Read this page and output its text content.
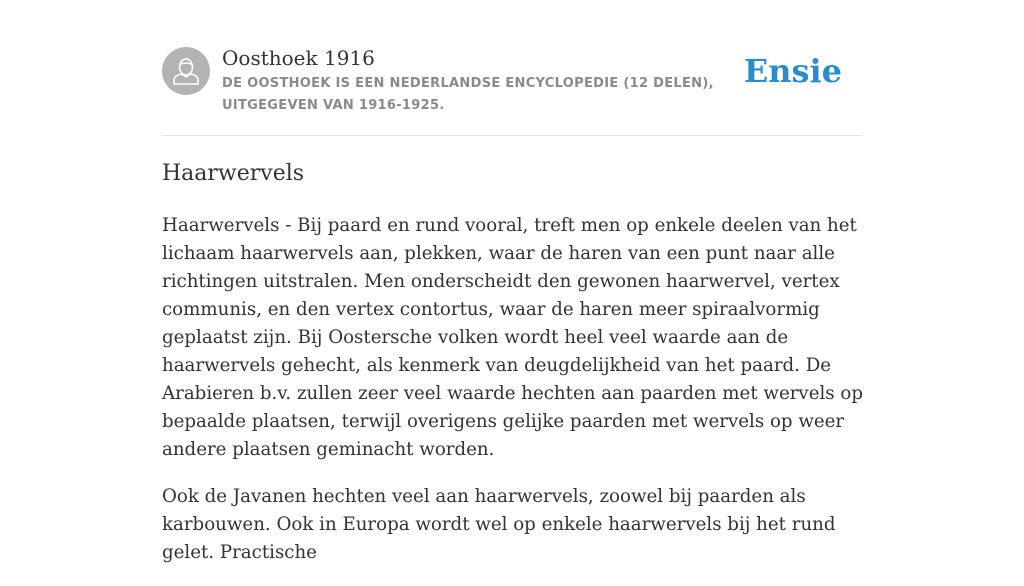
Oosthoek 1916
DE OOSTHOEK IS EEN NEDERLANDSE ENCYCLOPEDIE (12 DELEN), UITGEGEVEN VAN 1916-1925.
Ensie
Haarwervels

Haarwervels - Bij paard en rund vooral, treft men op enkele deelen van het lichaam haarwervels aan, plekken, waar de haren van een punt naar alle richtingen uitstralen. Men onderscheidt den gewonen haarwervel, vertex communis, en den vertex contortus, waar de haren meer spiraalvormig geplaatst zijn. Bij Oostersche volken wordt heel veel waarde aan de haarwervels gehecht, als kenmerk van deugdelijkheid van het paard. De Arabieren b.v. zullen zeer veel waarde hechten aan paarden met wervels op bepaalde plaatsen, terwijl overigens gelijke paarden met wervels op weer andere plaatsen geminacht worden.

Ook de Javanen hechten veel aan haarwervels, zoowel bij paarden als karbouwen. Ook in Europa wordt wel op enkele haarwervels bij het rund gelet. Practische
